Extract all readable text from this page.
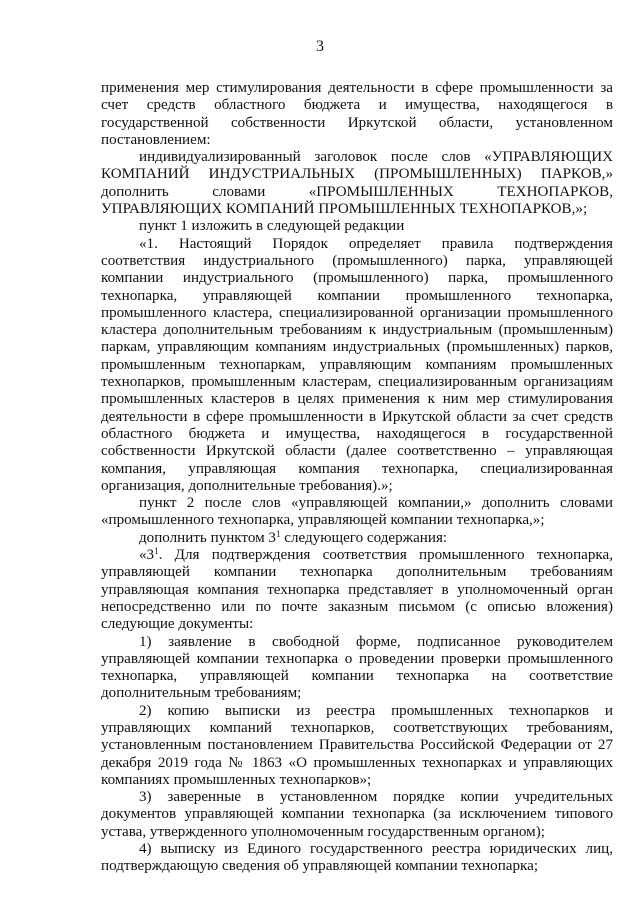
3

применения мер стимулирования деятельности в сфере промышленности за счет средств областного бюджета и имущества, находящегося в государственной собственности Иркутской области, установленном постановлением:

индивидуализированный заголовок после слов «УПРАВЛЯЮЩИХ КОМПАНИЙ ИНДУСТРИАЛЬНЫХ (ПРОМЫШЛЕННЫХ) ПАРКОВ,» дополнить словами «ПРОМЫШЛЕННЫХ ТЕХНОПАРКОВ, УПРАВЛЯЮЩИХ КОМПАНИЙ ПРОМЫШЛЕННЫХ ТЕХНОПАРКОВ,»;

пункт 1 изложить в следующей редакции

«1. Настоящий Порядок определяет правила подтверждения соответствия индустриального (промышленного) парка, управляющей компании индустриального (промышленного) парка, промышленного технопарка, управляющей компании промышленного технопарка, промышленного кластера, специализированной организации промышленного кластера дополнительным требованиям к индустриальным (промышленным) паркам, управляющим компаниям индустриальных (промышленных) парков, промышленным технопаркам, управляющим компаниям промышленных технопарков, промышленным кластерам, специализированным организациям промышленных кластеров в целях применения к ним мер стимулирования деятельности в сфере промышленности в Иркутской области за счет средств областного бюджета и имущества, находящегося в государственной собственности Иркутской области (далее соответственно – управляющая компания, управляющая компания технопарка, специализированная организация, дополнительные требования).»;

пункт 2 после слов «управляющей компании,» дополнить словами «промышленного технопарка, управляющей компании технопарка,»;

дополнить пунктом $3^1$ следующего содержания:

«$3^1$. Для подтверждения соответствия промышленного технопарка, управляющей компании технопарка дополнительным требованиям управляющая компания технопарка представляет в уполномоченный орган непосредственно или по почте заказным письмом (с описью вложения) следующие документы:

1) заявление в свободной форме, подписанное руководителем управляющей компании технопарка о проведении проверки промышленного технопарка, управляющей компании технопарка на соответствие дополнительным требованиям;

2) копию выписки из реестра промышленных технопарков и управляющих компаний технопарков, соответствующих требованиям, установленным постановлением Правительства Российской Федерации от 27 декабря 2019 года № 1863 «О промышленных технопарках и управляющих компаниях промышленных технопарков»;

3) заверенные в установленном порядке копии учредительных документов управляющей компании технопарка (за исключением типового устава, утвержденного уполномоченным государственным органом);

4) выписку из Единого государственного реестра юридических лиц, подтверждающую сведения об управляющей компании технопарка;
